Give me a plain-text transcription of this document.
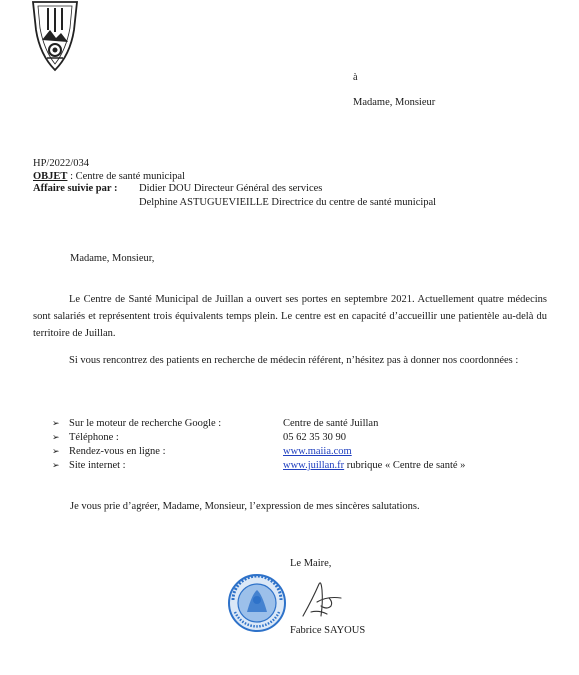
à
Madame, Monsieur
HP/2022/034
OBJET : Centre de santé municipal
Affaire suivie par : Didier DOU Directeur Général des services
Delphine ASTUGUEVIEILLE Directrice du centre de santé municipal
Madame, Monsieur,
Le Centre de Santé Municipal de Juillan a ouvert ses portes en septembre 2021. Actuellement quatre médecins sont salariés et représentent trois équivalents temps plein. Le centre est en capacité d’accueillir une patientèle au-delà du territoire de Juillan.
Si vous rencontrez des patients en recherche de médecin référent, n’hésitez pas à donner nos coordonnées :
➢ Sur le moteur de recherche Google :	Centre de santé Juillan
➢ Téléphone :	05 62 35 30 90
➢ Rendez-vous en ligne :	www.maiia.com
➢ Site internet :	www.juillan.fr rubrique « Centre de santé »
Je vous prie d’agréer, Madame, Monsieur, l’expression de mes sincères salutations.
Le Maire,
Fabrice SAYOUS
